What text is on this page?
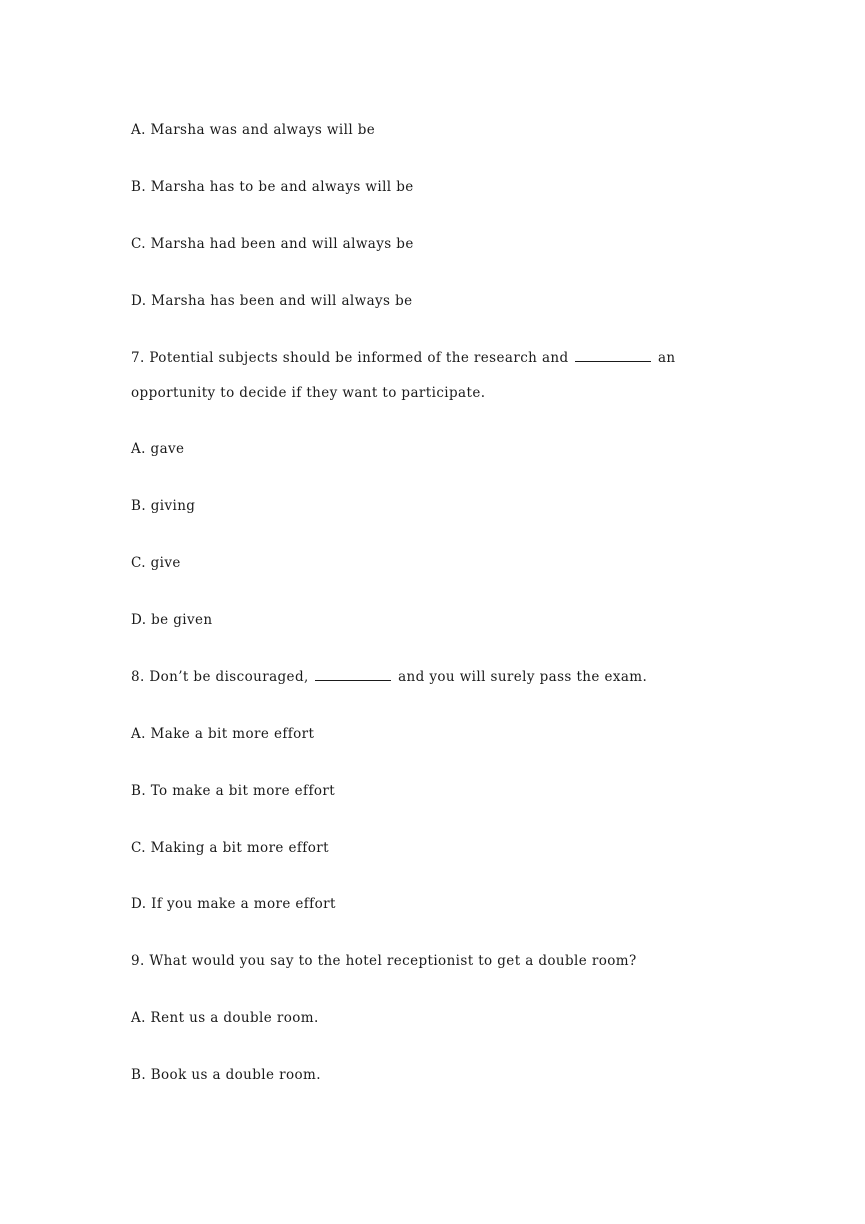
A. Marsha was and always will be
B. Marsha has to be and always will be
C. Marsha had been and will always be
D. Marsha has been and will always be
7. Potential subjects should be informed of the research and	an
opportunity to decide if they want to participate.
A. gave
B. giving
C. give
D. be given
8. Don’t be discouraged,	and you will surely pass the exam.
A. Make a bit more effort
B. To make a bit more effort
C. Making a bit more effort
D. If you make a more effort
9. What would you say to the hotel receptionist to get a double room?
A. Rent us a double room.
B. Book us a double room.
